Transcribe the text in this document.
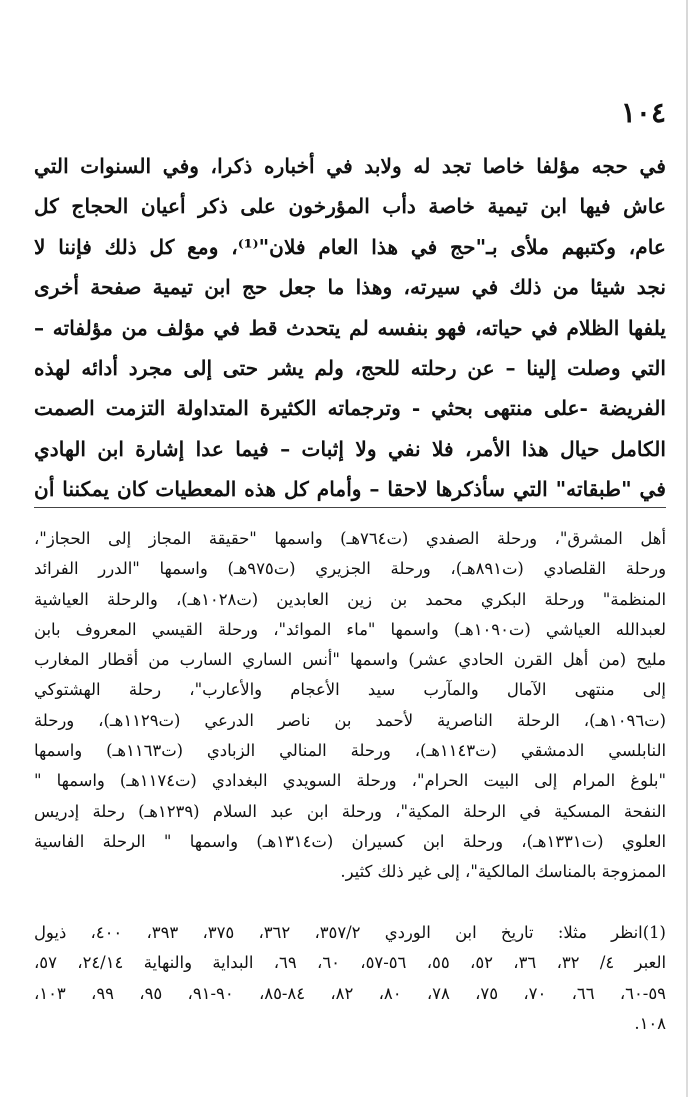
١٠٤
في حجه مؤلفا خاصا تجد له ولابد في أخباره ذكرا، وفي السنوات التي
عاش فيها ابن تيمية خاصة دأب المؤرخون على ذكر أعيان الحجاج كل
عام، وكتبهم ملأى بـ"حج في هذا العام فلان"⁽¹⁾، ومع كل ذلك فإننا لا
نجد شيئا من ذلك في سيرته، وهذا ما جعل حج ابن تيمية صفحة أخرى
يلفها الظلام في حياته، فهو بنفسه لم يتحدث قط في مؤلف من مؤلفاته –
التي وصلت إلينا – عن رحلته للحج، ولم يشر حتى إلى مجرد أدائه لهذه
الفريضة -على منتهى بحثي - وترجماته الكثيرة المتداولة التزمت الصمت
الكامل حيال هذا الأمر، فلا نفي ولا إثبات – فيما عدا إشارة ابن الهادي
في "طبقاته" التي سأذكرها لاحقا – وأمام كل هذه المعطيات كان يمكننا أن
أهل المشرق"، ورحلة الصفدي (ت٧٦٤هـ) واسمها "حقيقة المجاز إلى الحجاز"،
ورحلة القلصادي (ت٨٩١هـ)، ورحلة الجزيري (ت٩٧٥هـ) واسمها "الدرر الفرائد
المنظمة" ورحلة البكري محمد بن زين العابدين (ت١٠٢٨هـ)، والرحلة العياشية
لعبدالله العياشي (ت١٠٩٠هـ) واسمها "ماء الموائد"، ورحلة القيسي المعروف بابن
مليح (من أهل القرن الحادي عشر) واسمها "أنس الساري السارب من أقطار المغارب
إلى منتهى الآمال والمآرب سيد الأعجام والأعارب"، رحلة الهشتوكي
(ت١٠٩٦هـ)، الرحلة الناصرية لأحمد بن ناصر الدرعي (ت١١٢٩هـ)، ورحلة
النابلسي الدمشقي (ت١١٤٣هـ)، ورحلة المنالي الزبادي (ت١١٦٣هـ) واسمها
"بلوغ المرام إلى البيت الحرام"، ورحلة السويدي البغدادي (ت١١٧٤هـ) واسمها "
النفحة المسكية في الرحلة المكية"، ورحلة ابن عبد السلام (١٢٣٩هـ) رحلة إدريس
العلوي (ت١٣٣١هـ)، ورحلة ابن كسيران (ت١٣١٤هـ) واسمها " الرحلة الفاسية
الممزوجة بالمناسك المالكية"، إلى غير ذلك كثير.
(1)انظر مثلا: تاريخ ابن الوردي ٣٥٧/٢، ٣٦٢، ٣٧٥، ٣٩٣، ٤٠٠، ذيول
العبر ٤/ ٣٢، ٣٦، ٥٢، ٥٥، ٥٦-٥٧، ٦٠، ٦٩، البداية والنهاية ٢٤/١٤، ٥٧،
٥٩-٦٠، ٦٦، ٧٠، ٧٥، ٧٨، ٨٠، ٨٢، ٨٤-٨٥، ٩٠-٩١، ٩٥، ٩٩، ١٠٣،
١٠٨.
